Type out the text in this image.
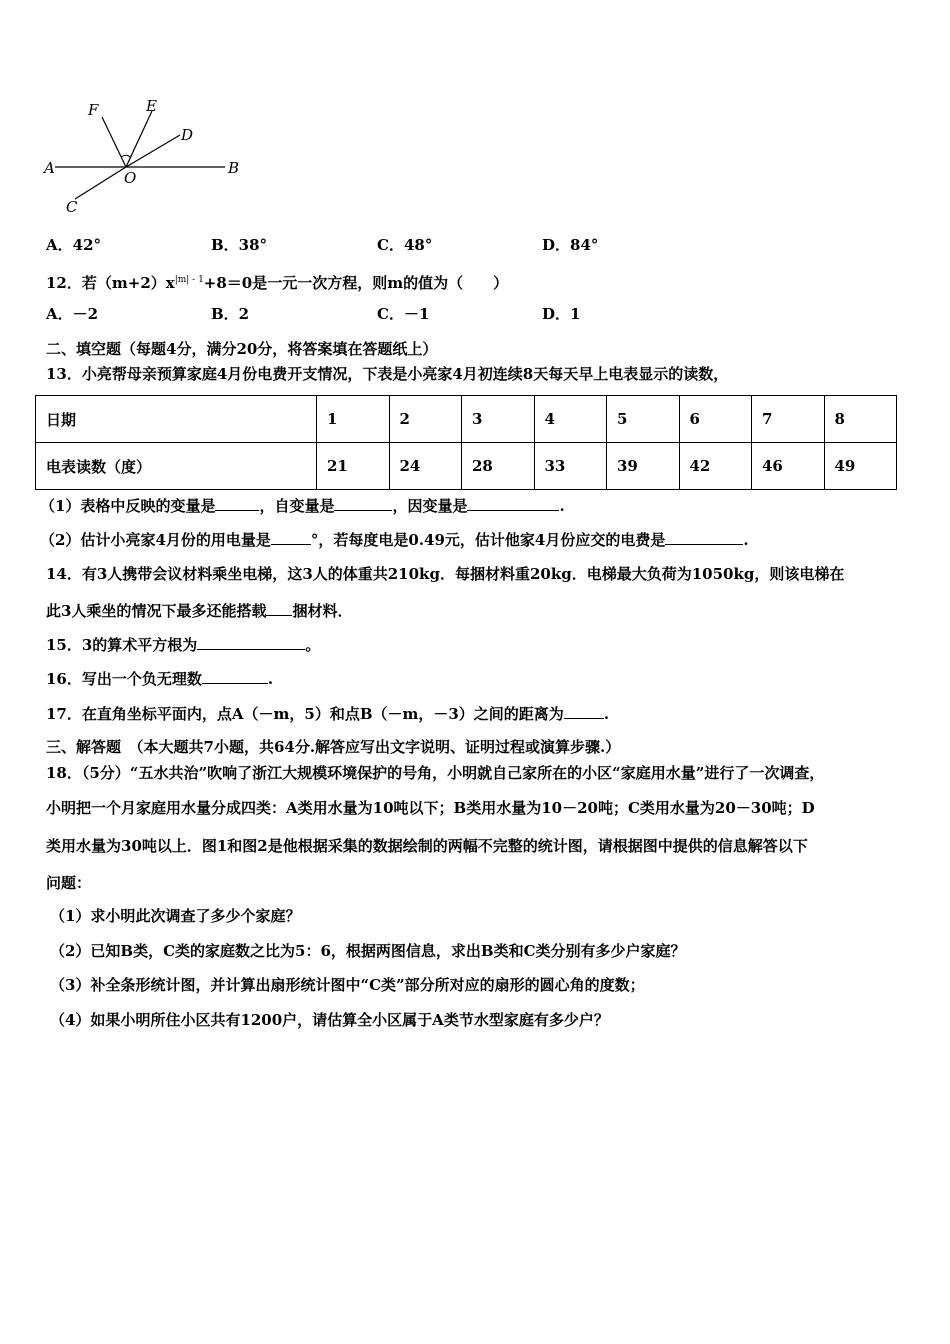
F	E
D
A
O
B
C
A．42°	B．38°	C．48°	D．84°
12．若$(m+2)x^{|m| - 1}+8=0$是一元一次方程，则m的值为（　　）
A．－2	B．2	C．－1	D．1
二、填空题（每题4分，满分20分，将答案填在答题纸上）
13．小亮帮母亲预算家庭4月份电费开支情况，下表是小亮家4月初连续8天每天早上电表显示的读数，
日期	1	2	3	4	5	6	7	8
电表读数（度）	21	24	28	33	39	42	46	49
（1）表格中反映的变量是	，自变量是	，因变量是	.
（2）估计小亮家4月份的用电量是	°，若每度电是0.49元，估计他家4月份应交的电费是	.
14．有3人携带会议材料乘坐电梯，这3人的体重共210kg．每捆材料重20kg．电梯最大负荷为1050kg，则该电梯在
此3人乘坐的情况下最多还能搭载 捆材料．
15．3的算术平方根为	。
16．写出一个负无理数	.
17．在直角坐标平面内，点A（－m，5）和点B（－m，－3）之间的距离为	.
三、解答题　（本大题共7小题，共64分.解答应写出文字说明、证明过程或演算步骤.）
18．（5分）“五水共治”吹响了浙江大规模环境保护的号角，小明就自己家所在的小区“家庭用水量”进行了一次调查，
小明把一个月家庭用水量分成四类：A类用水量为10吨以下；B类用水量为10－20吨；C类用水量为20－30吨；D
类用水量为30吨以上．图1和图2是他根据采集的数据绘制的两幅不完整的统计图，请根据图中提供的信息解答以下
问题：
（1）求小明此次调查了多少个家庭？
（2）已知B类，C类的家庭数之比为5：6，根据两图信息，求出B类和C类分别有多少户家庭？
（3）补全条形统计图，并计算出扇形统计图中“C类”部分所对应的扇形的圆心角的度数；
（4）如果小明所住小区共有1200户，请估算全小区属于A类节水型家庭有多少户？
